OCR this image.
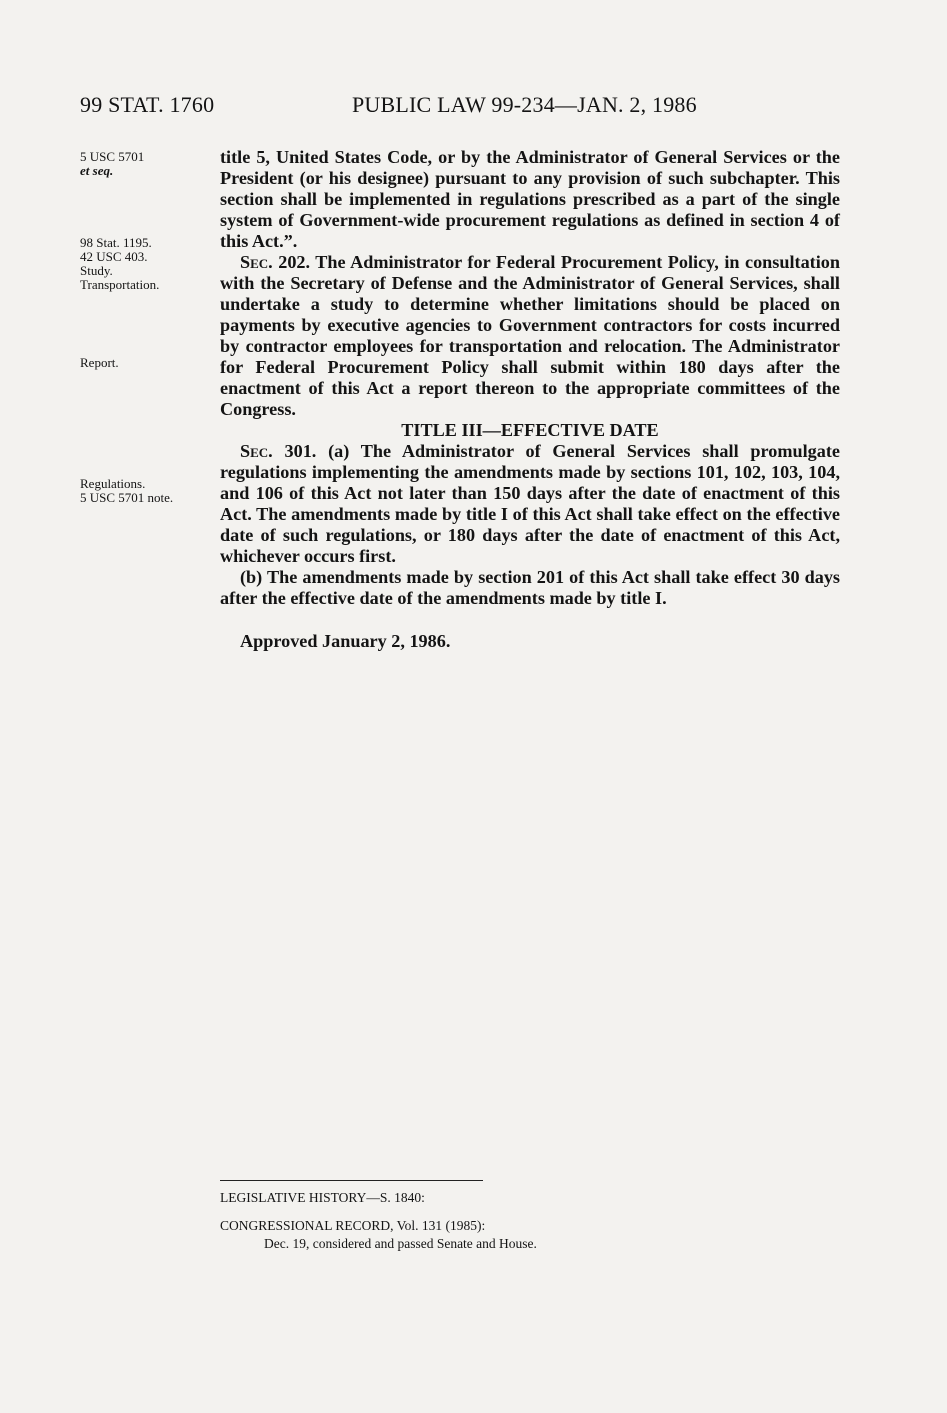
99 STAT. 1760	PUBLIC LAW 99-234—JAN. 2, 1986
5 USC 5701
et seq.
98 Stat. 1195.
42 USC 403.
Study.
Transportation.
Report.
Regulations.
5 USC 5701 note.

title 5, United States Code, or by the Administrator of General Services or the President (or his designee) pursuant to any provision of such subchapter. This section shall be implemented in regulations prescribed as a part of the single system of Government-wide procurement regulations as defined in section 4 of this Act.”.

Sec. 202. The Administrator for Federal Procurement Policy, in consultation with the Secretary of Defense and the Administrator of General Services, shall undertake a study to determine whether limitations should be placed on payments by executive agencies to Government contractors for costs incurred by contractor employees for transportation and relocation. The Administrator for Federal Procurement Policy shall submit within 180 days after the enactment of this Act a report thereon to the appropriate committees of the Congress.

TITLE III—EFFECTIVE DATE

Sec. 301. (a) The Administrator of General Services shall promulgate regulations implementing the amendments made by sections 101, 102, 103, 104, and 106 of this Act not later than 150 days after the date of enactment of this Act. The amendments made by title I of this Act shall take effect on the effective date of such regulations, or 180 days after the date of enactment of this Act, whichever occurs first.

(b) The amendments made by section 201 of this Act shall take effect 30 days after the effective date of the amendments made by title I.

Approved January 2, 1986.

LEGISLATIVE HISTORY—S. 1840:
CONGRESSIONAL RECORD, Vol. 131 (1985):
Dec. 19, considered and passed Senate and House.
